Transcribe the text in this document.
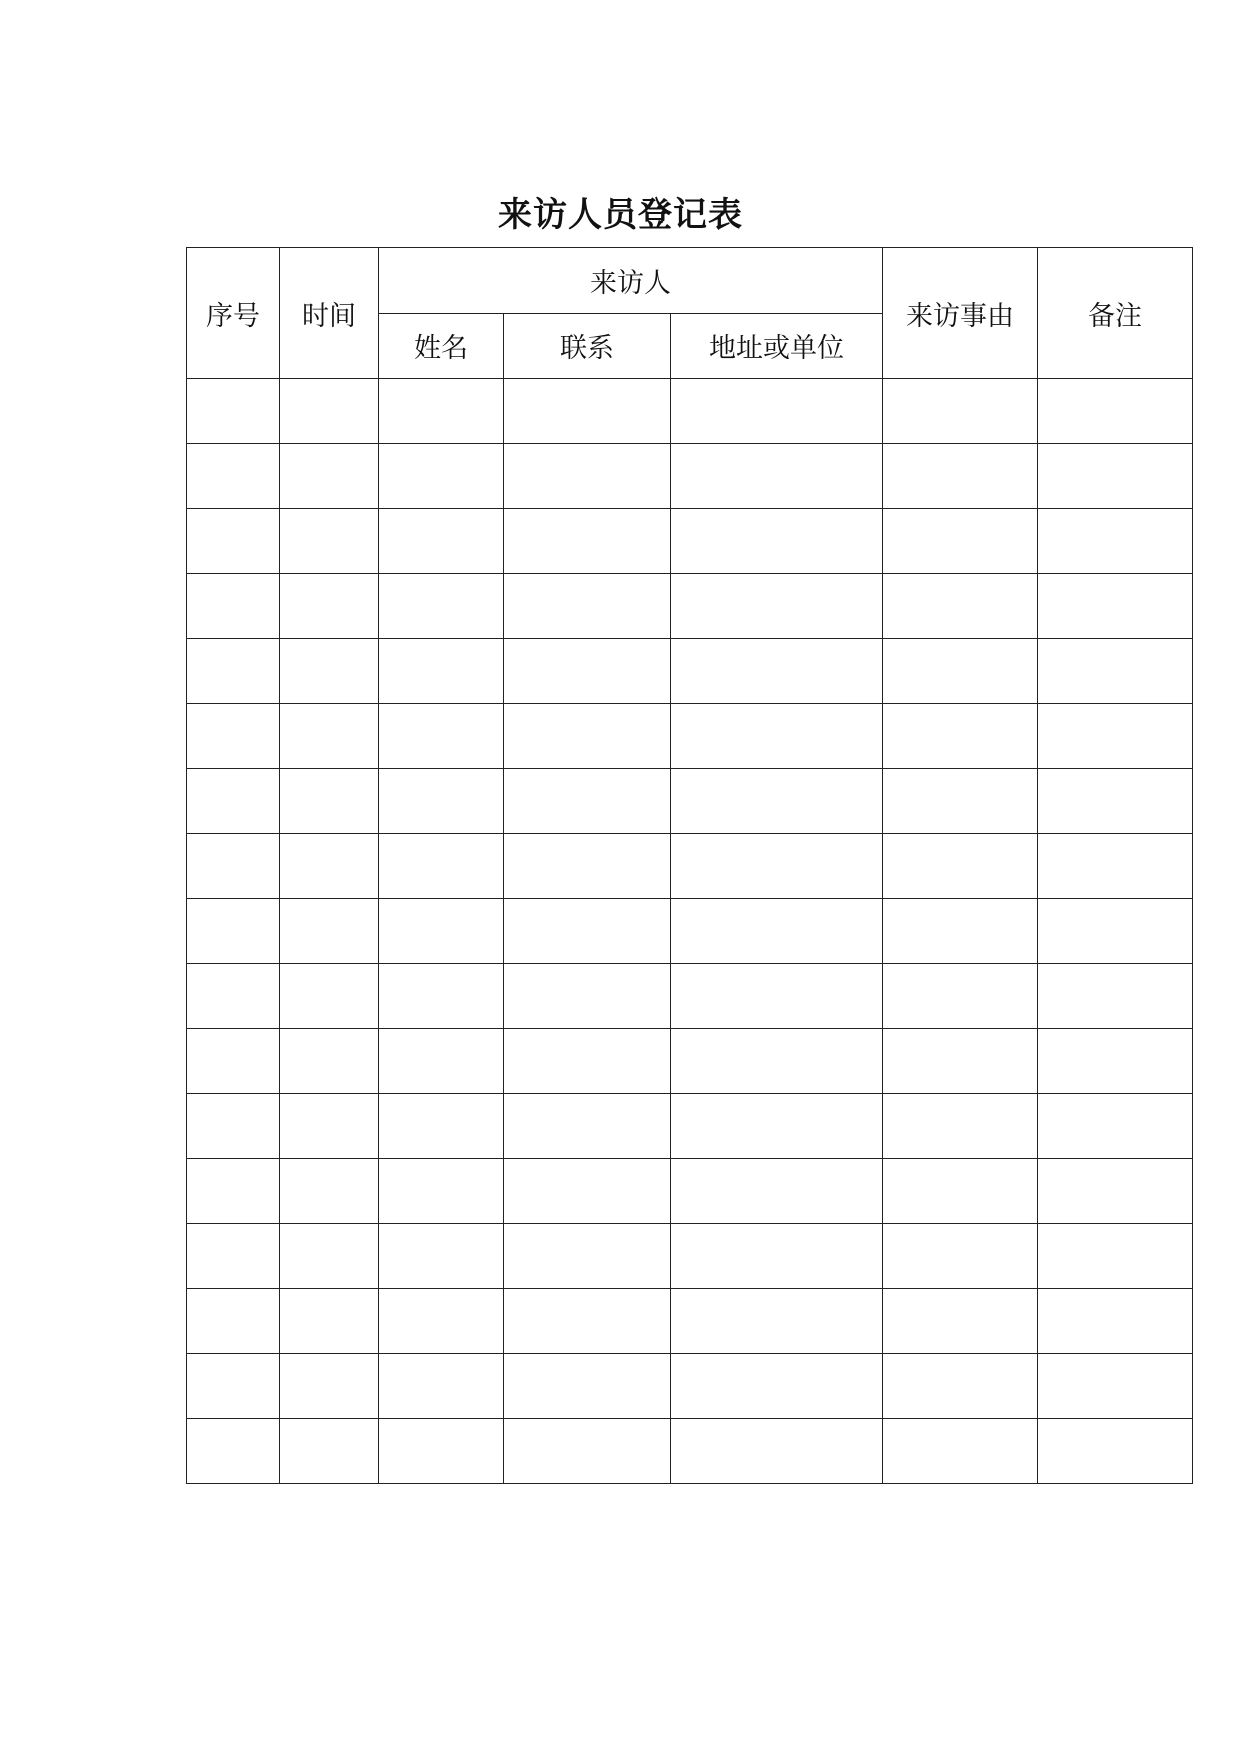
来访人员登记表
序号	时间	来访人			来访事由	备注
		姓名	联系	地址或单位		
